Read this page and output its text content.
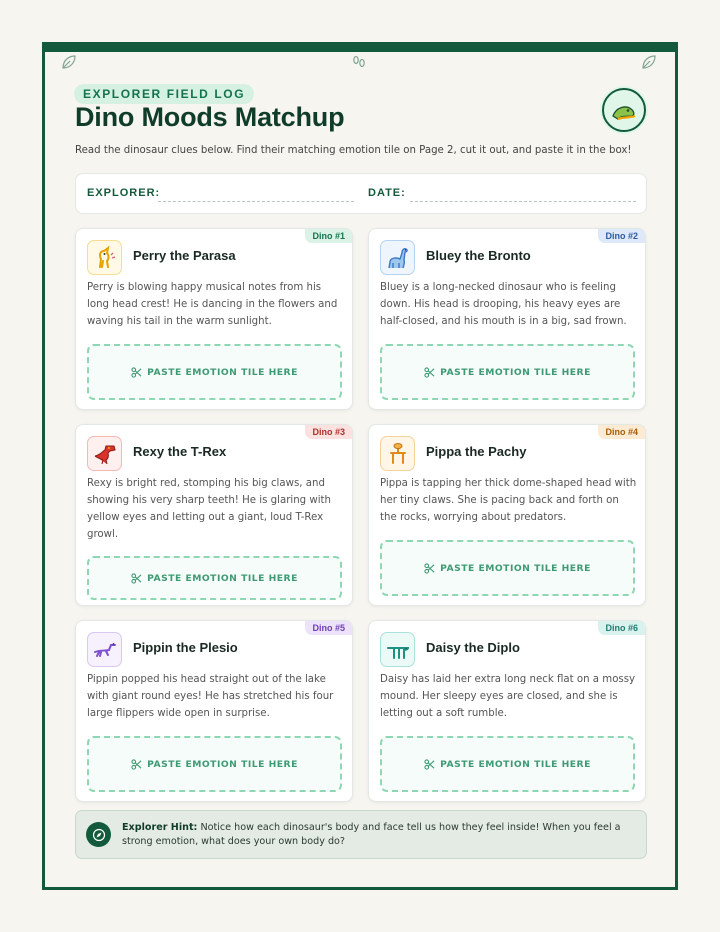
EXPLORER FIELD LOG
Dino Moods Matchup
Read the dinosaur clues below. Find their matching emotion tile on Page 2, cut it out, and paste it in the box!
EXPLORER:	DATE:
Dino #1
Perry the Parasa
Perry is blowing happy musical notes from his long head crest! He is dancing in the flowers and waving his tail in the warm sunlight.
PASTE EMOTION TILE HERE
Dino #2
Bluey the Bronto
Bluey is a long-necked dinosaur who is feeling down. His head is drooping, his heavy eyes are half-closed, and his mouth is in a big, sad frown.
PASTE EMOTION TILE HERE
Dino #3
Rexy the T-Rex
Rexy is bright red, stomping his big claws, and showing his very sharp teeth! He is glaring with yellow eyes and letting out a giant, loud T-Rex growl.
PASTE EMOTION TILE HERE
Dino #4
Pippa the Pachy
Pippa is tapping her thick dome-shaped head with her tiny claws. She is pacing back and forth on the rocks, worrying about predators.
PASTE EMOTION TILE HERE
Dino #5
Pippin the Plesio
Pippin popped his head straight out of the lake with giant round eyes! He has stretched his four large flippers wide open in surprise.
PASTE EMOTION TILE HERE
Dino #6
Daisy the Diplo
Daisy has laid her extra long neck flat on a mossy mound. Her sleepy eyes are closed, and she is letting out a soft rumble.
PASTE EMOTION TILE HERE
Explorer Hint: Notice how each dinosaur's body and face tell us how they feel inside! When you feel a strong emotion, what does your own body do?
